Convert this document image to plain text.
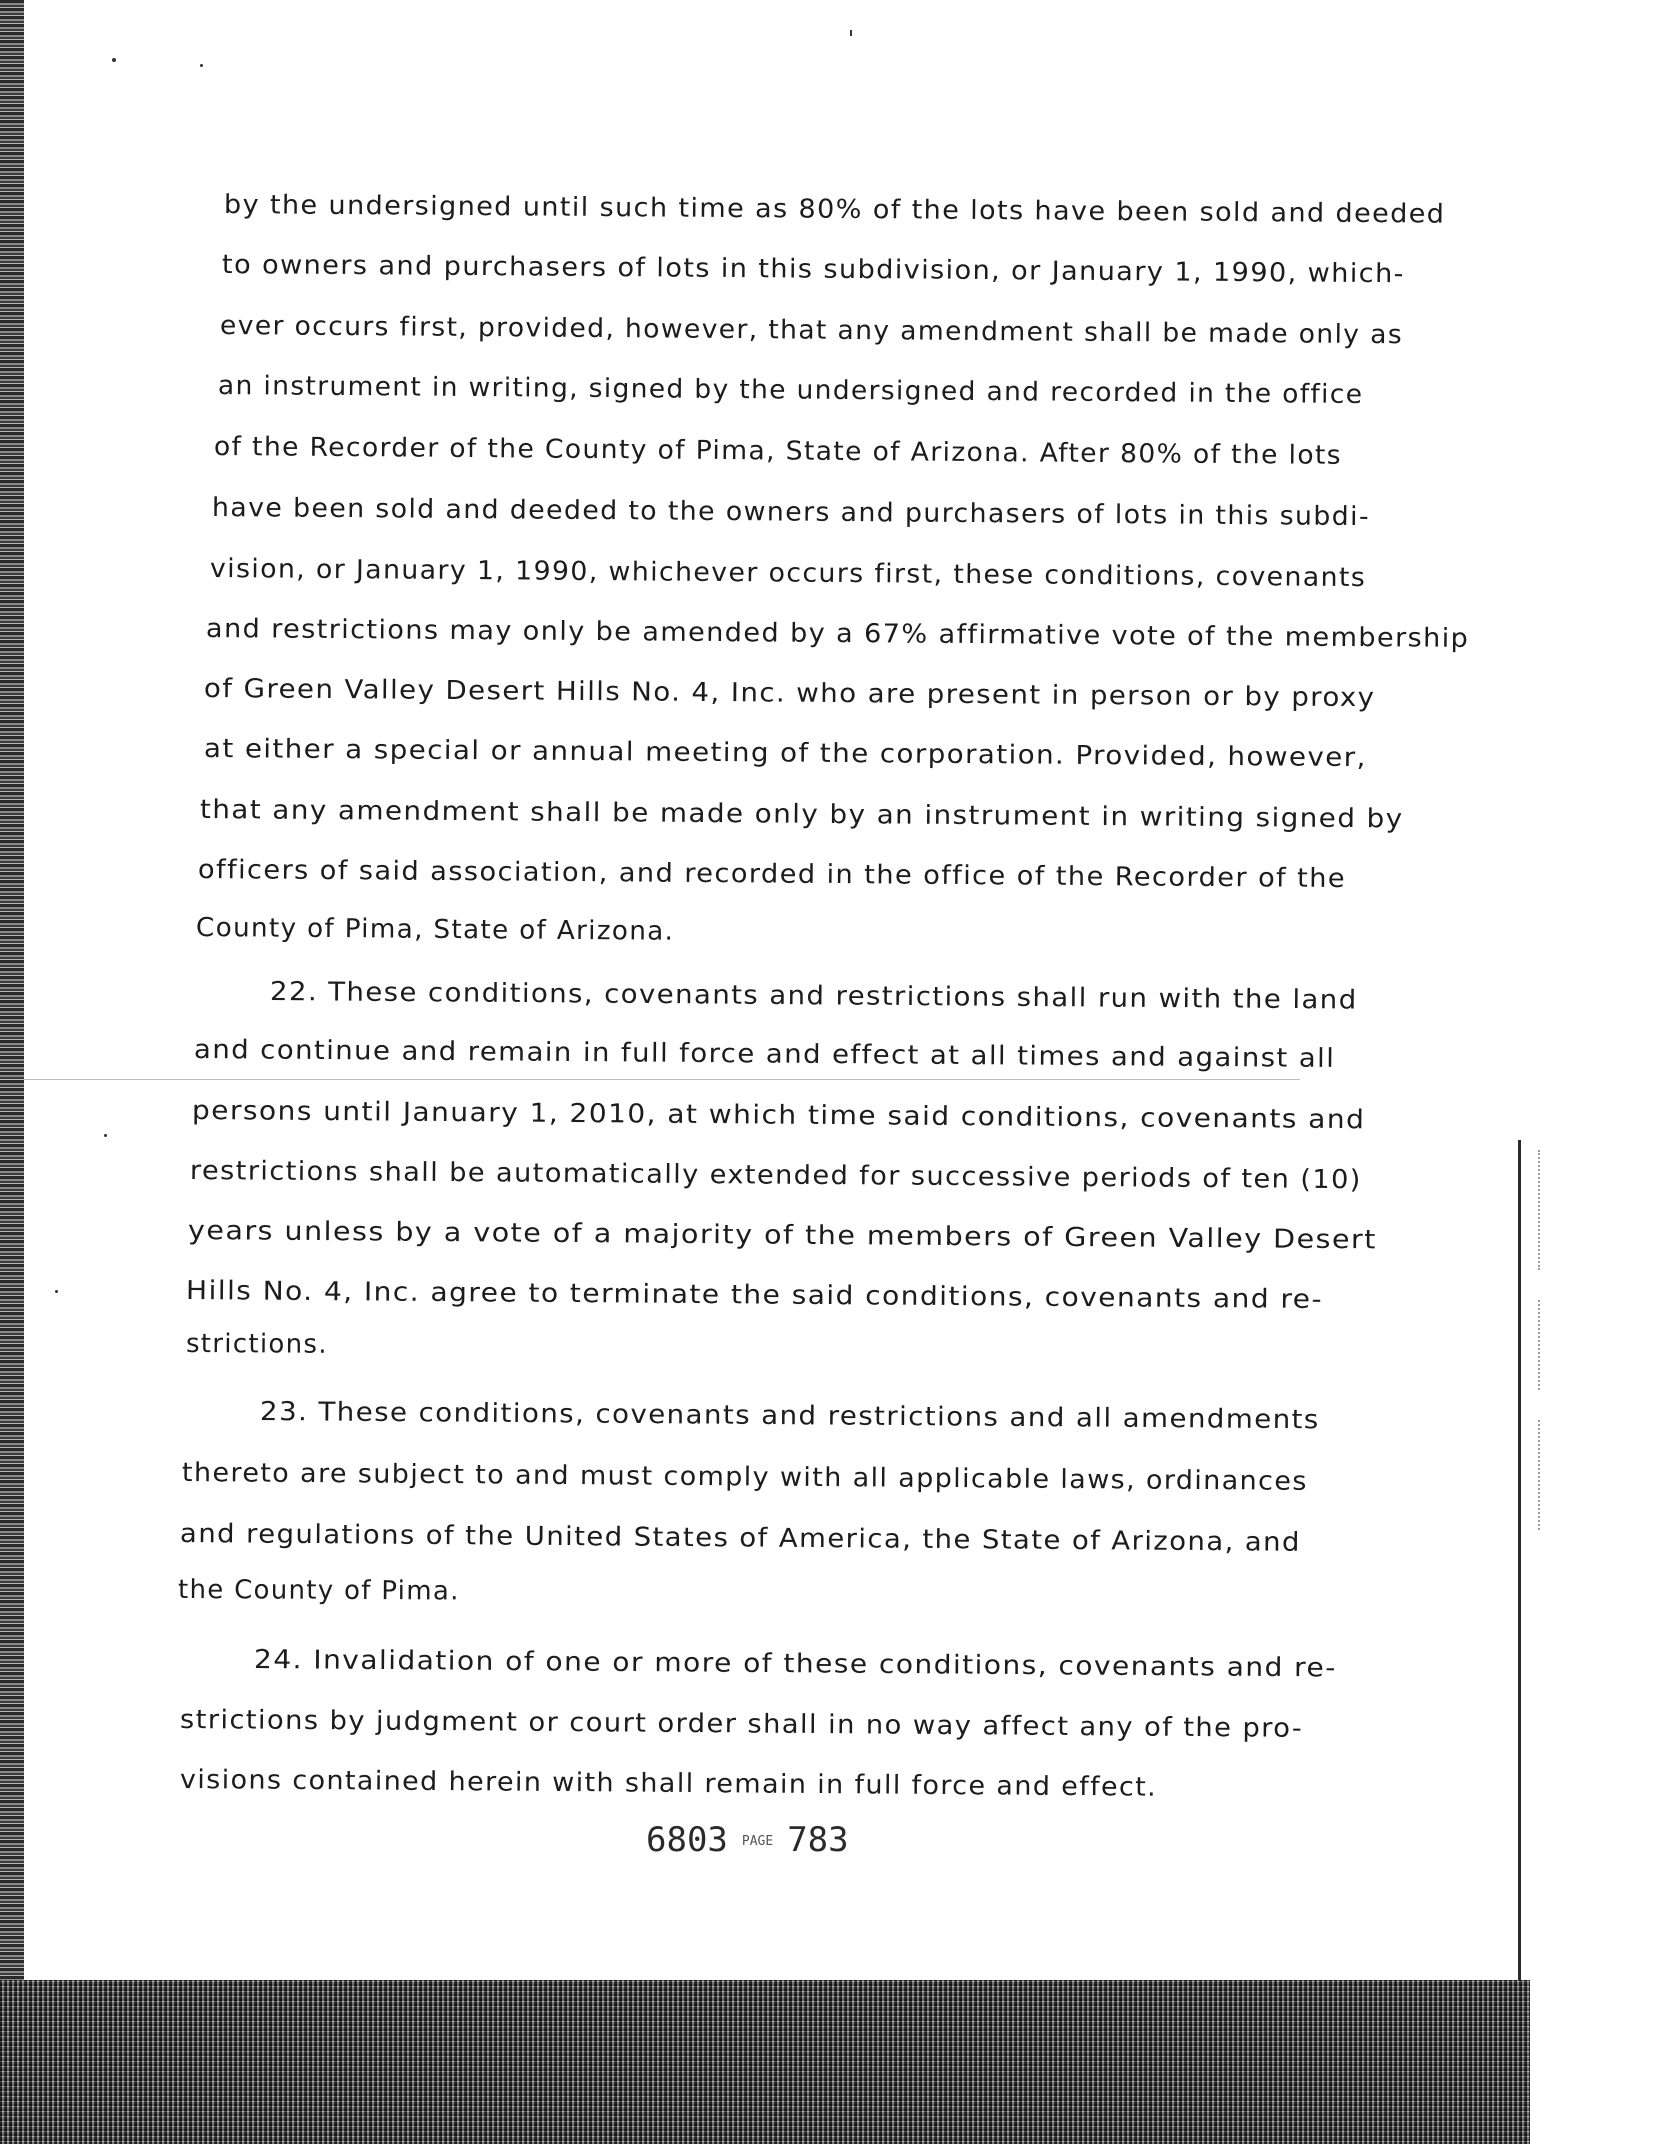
by the undersigned until such time as 80% of the lots have been sold and deeded
to owners and purchasers of lots in this subdivision, or January 1, 1990, which-
ever occurs first, provided, however, that any amendment shall be made only as
an instrument in writing, signed by the undersigned and recorded in the office
of the Recorder of the County of Pima, State of Arizona. After 80% of the lots
have been sold and deeded to the owners and purchasers of lots in this subdi-
vision, or January 1, 1990, whichever occurs first, these conditions, covenants
and restrictions may only be amended by a 67% affirmative vote of the membership
of Green Valley Desert Hills No. 4, Inc. who are present in person or by proxy
at either a special or annual meeting of the corporation. Provided, however,
that any amendment shall be made only by an instrument in writing signed by
officers of said association, and recorded in the office of the Recorder of the
County of Pima, State of Arizona.
22. These conditions, covenants and restrictions shall run with the land
and continue and remain in full force and effect at all times and against all
persons until January 1, 2010, at which time said conditions, covenants and
restrictions shall be automatically extended for successive periods of ten (10)
years unless by a vote of a majority of the members of Green Valley Desert
Hills No. 4, Inc. agree to terminate the said conditions, covenants and re-
strictions.
23. These conditions, covenants and restrictions and all amendments
thereto are subject to and must comply with all applicable laws, ordinances
and regulations of the United States of America, the State of Arizona, and
the County of Pima.
24. Invalidation of one or more of these conditions, covenants and re-
strictions by judgment or court order shall in no way affect any of the pro-
visions contained herein with shall remain in full force and effect.
6803 PAGE 783
